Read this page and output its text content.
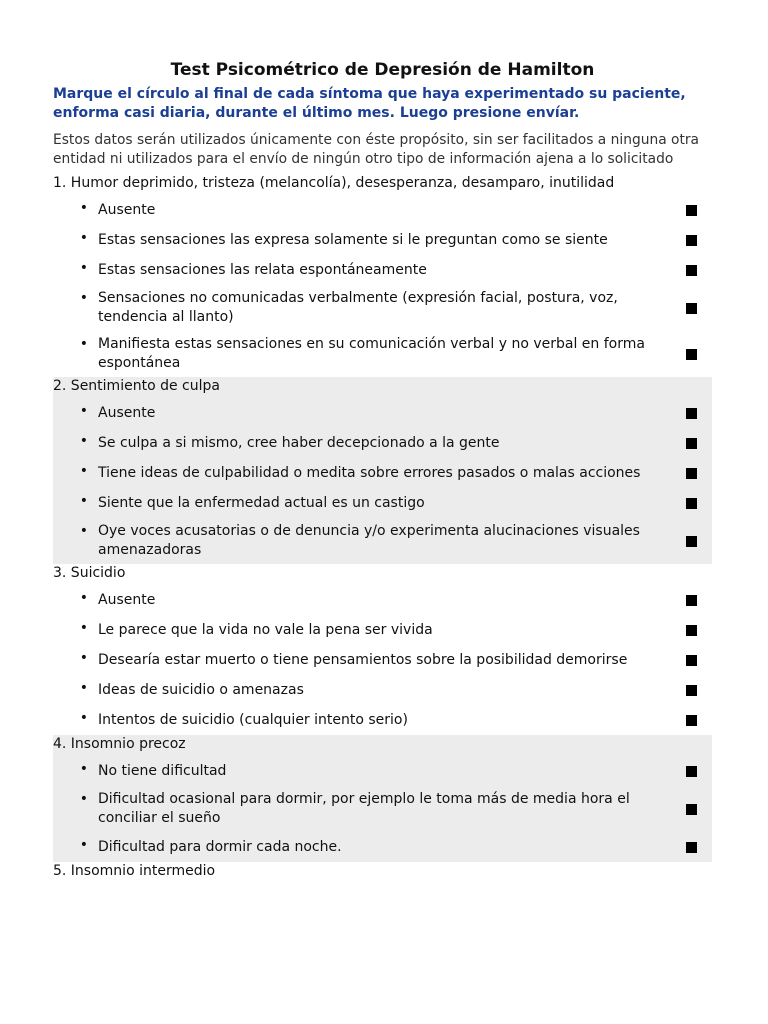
Test Psicométrico de Depresión de Hamilton
Marque el círculo al final de cada síntoma que haya experimentado su paciente, enforma casi diaria, durante el último mes. Luego presione envíar.
Estos datos serán utilizados únicamente con éste propósito, sin ser facilitados a ninguna otra entidad ni utilizados para el envío de ningún otro tipo de información ajena a lo solicitado
1. Humor deprimido, tristeza (melancolía), desesperanza, desamparo, inutilidad
• Ausente
• Estas sensaciones las expresa solamente si le preguntan como se siente
• Estas sensaciones las relata espontáneamente
• Sensaciones no comunicadas verbalmente (expresión facial, postura, voz, tendencia al llanto)
• Manifiesta estas sensaciones en su comunicación verbal y no verbal en forma espontánea
2. Sentimiento de culpa
• Ausente
• Se culpa a si mismo, cree haber decepcionado a la gente
• Tiene ideas de culpabilidad o medita sobre errores pasados o malas acciones
• Siente que la enfermedad actual es un castigo
• Oye voces acusatorias o de denuncia y/o experimenta alucinaciones visuales amenazadoras
3. Suicidio
• Ausente
• Le parece que la vida no vale la pena ser vivida
• Desearía estar muerto o tiene pensamientos sobre la posibilidad demorirse
• Ideas de suicidio o amenazas
• Intentos de suicidio (cualquier intento serio)
4. Insomnio precoz
• No tiene dificultad
• Dificultad ocasional para dormir, por ejemplo le toma más de media hora el conciliar el sueño
• Dificultad para dormir cada noche.
5. Insomnio intermedio
